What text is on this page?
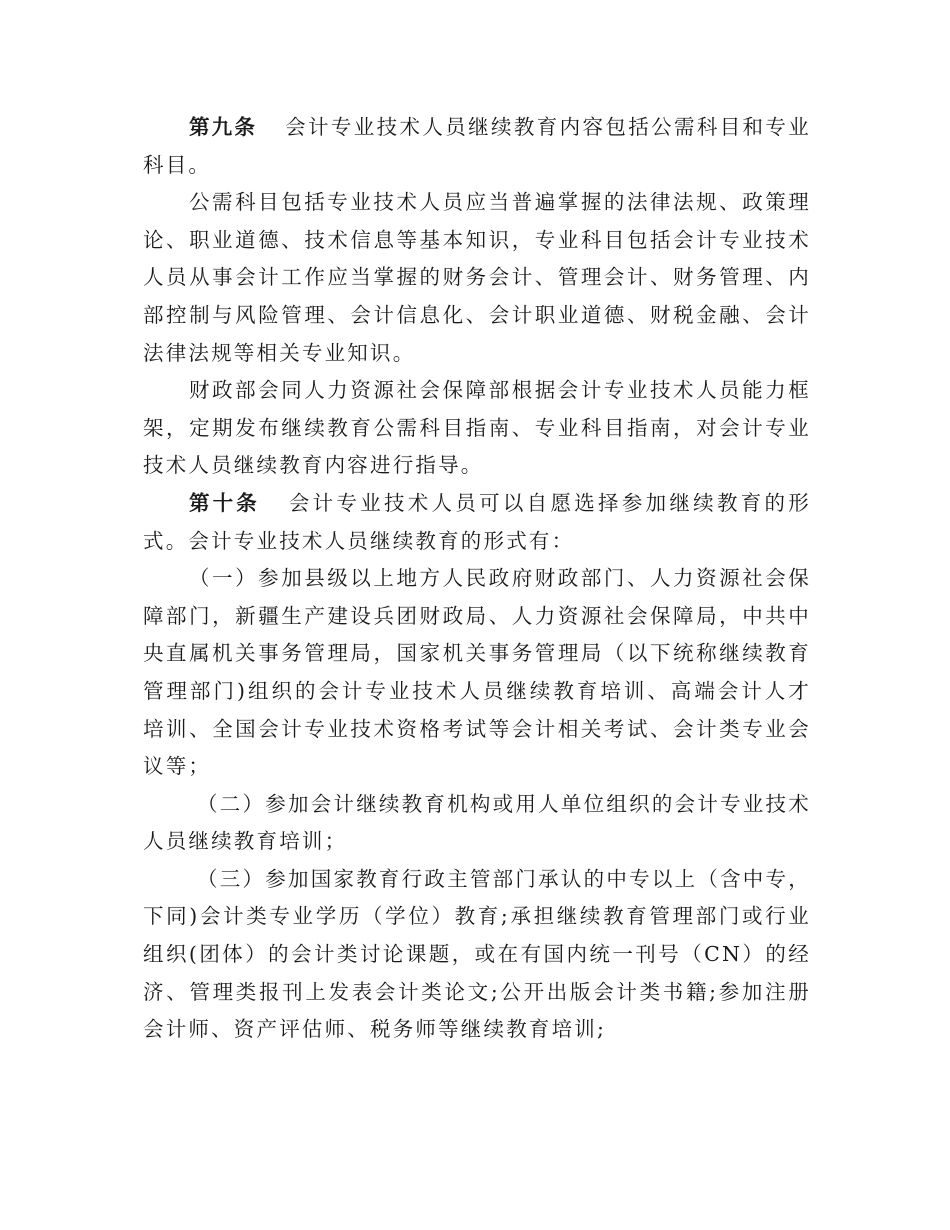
第九条 会计专业技术人员继续教育内容包括公需科目和专业科目。

公需科目包括专业技术人员应当普遍掌握的法律法规、政策理论、职业道德、技术信息等基本知识，专业科目包括会计专业技术人员从事会计工作应当掌握的财务会计、管理会计、财务管理、内部控制与风险管理、会计信息化、会计职业道德、财税金融、会计法律法规等相关专业知识。

财政部会同人力资源社会保障部根据会计专业技术人员能力框架，定期发布继续教育公需科目指南、专业科目指南，对会计专业技术人员继续教育内容进行指导。

第十条 会计专业技术人员可以自愿选择参加继续教育的形式。会计专业技术人员继续教育的形式有：

（一）参加县级以上地方人民政府财政部门、人力资源社会保障部门，新疆生产建设兵团财政局、人力资源社会保障局，中共中央直属机关事务管理局，国家机关事务管理局（以下统称继续教育管理部门)组织的会计专业技术人员继续教育培训、高端会计人才培训、全国会计专业技术资格考试等会计相关考试、会计类专业会议等；

（二）参加会计继续教育机构或用人单位组织的会计专业技术人员继续教育培训；

（三）参加国家教育行政主管部门承认的中专以上（含中专，下同)会计类专业学历（学位）教育;承担继续教育管理部门或行业组织(团体）的会计类讨论课题，或在有国内统一刊号（CN）的经济、管理类报刊上发表会计类论文;公开出版会计类书籍;参加注册会计师、资产评估师、税务师等继续教育培训;
